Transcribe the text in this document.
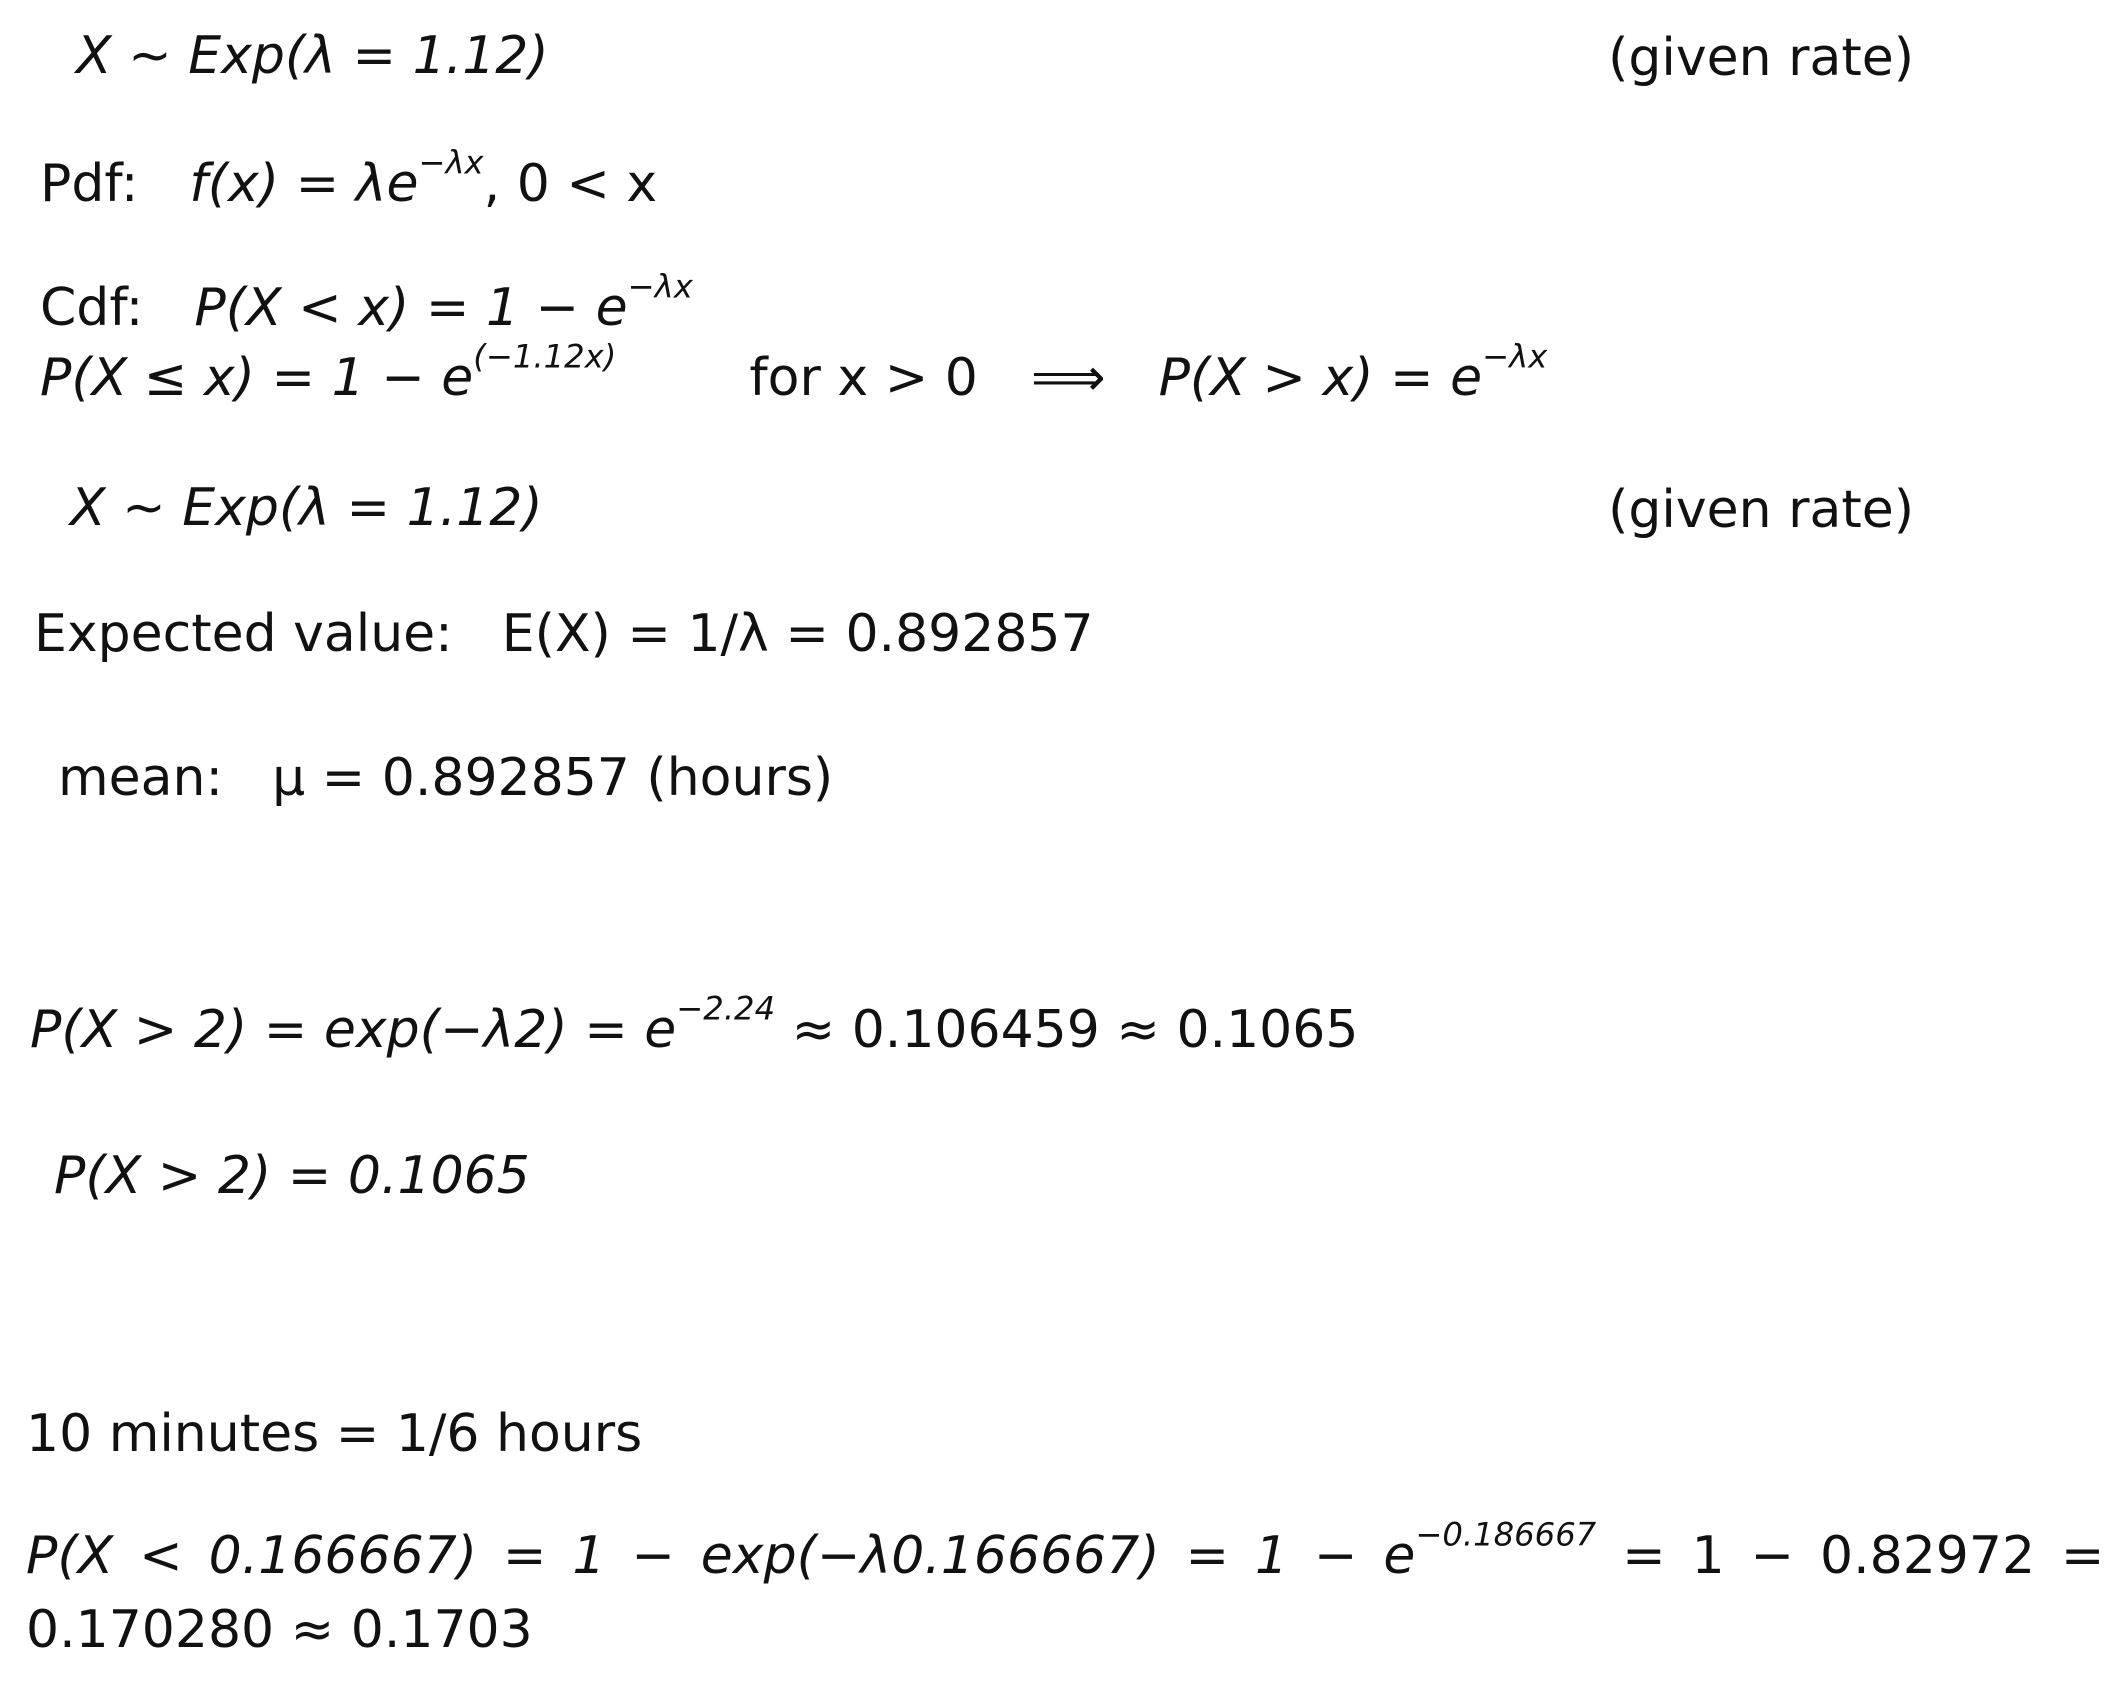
X ∼ Exp(λ = 1.12)	(given rate)
Pdf: $f(x) = \lambda e^{-\lambda x}$, 0 < x
Cdf: $P(X < x) = 1 - e^{-\lambda x}$
$P(X \le x) = 1 - e^{(-1.12x)}$	for x > 0 ⟹ $P(X > x) = e^{-\lambda x}$
X ∼ Exp(λ = 1.12)	(given rate)
Expected value: E(X) = 1/λ = 0.892857
mean: μ = 0.892857 (hours)
$P(X > 2) = \exp(-\lambda 2) = e^{-2.24} \approx 0.106459 \approx 0.1065$
P(X > 2) = 0.1065
10 minutes = 1/6 hours
$P(X < 0.166667) = 1 - \exp(-\lambda 0.166667) = 1 - e^{-0.186667} = 1 - 0.82972$ =
0.170280 ≈ 0.1703
